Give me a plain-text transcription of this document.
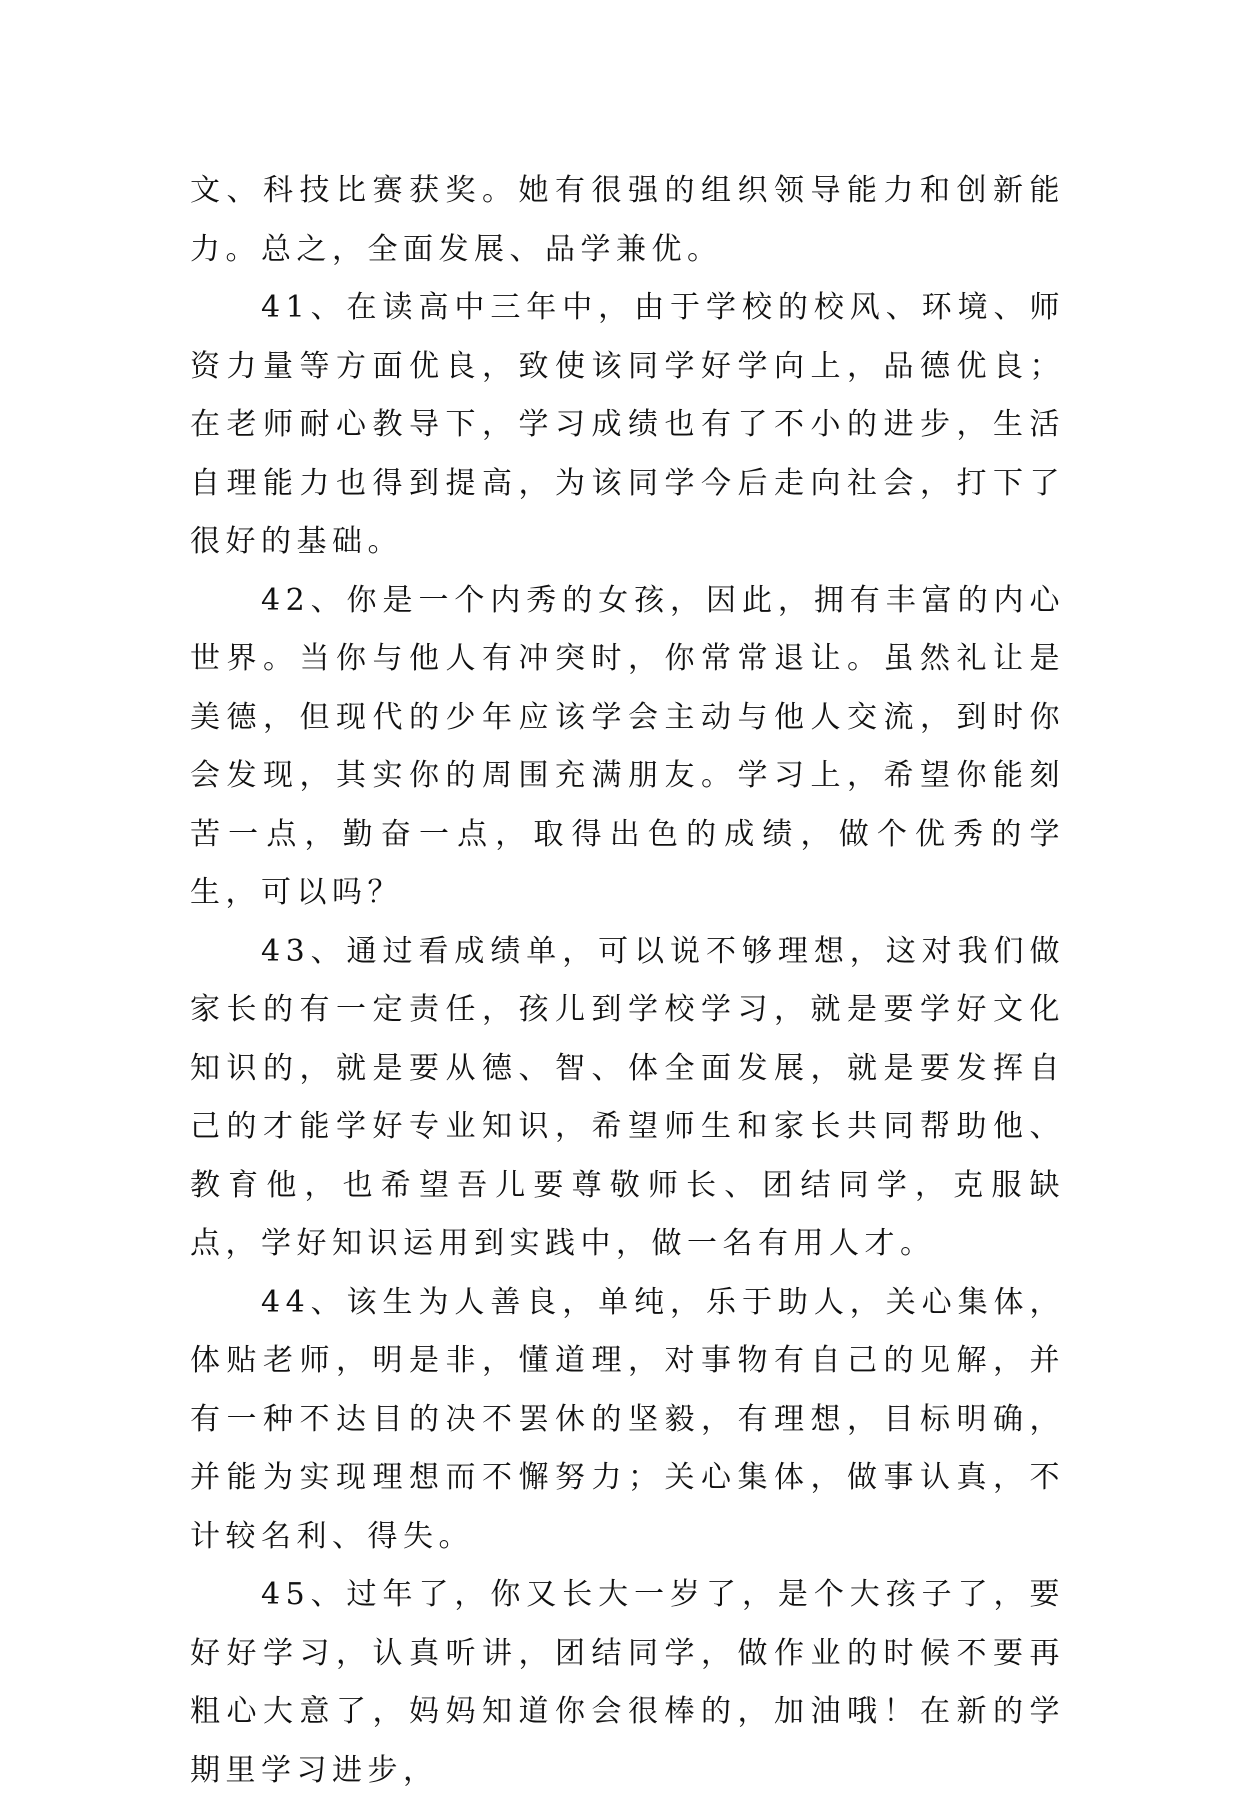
文、科技比赛获奖。她有很强的组织领导能力和创新能力。总之，全面发展、品学兼优。

41、在读高中三年中，由于学校的校风、环境、师资力量等方面优良，致使该同学好学向上，品德优良；在老师耐心教导下，学习成绩也有了不小的进步，生活自理能力也得到提高，为该同学今后走向社会，打下了很好的基础。

42、你是一个内秀的女孩，因此，拥有丰富的内心世界。当你与他人有冲突时，你常常退让。虽然礼让是美德，但现代的少年应该学会主动与他人交流，到时你会发现，其实你的周围充满朋友。学习上，希望你能刻苦一点，勤奋一点，取得出色的成绩，做个优秀的学生，可以吗？

43、通过看成绩单，可以说不够理想，这对我们做家长的有一定责任，孩儿到学校学习，就是要学好文化知识的，就是要从德、智、体全面发展，就是要发挥自己的才能学好专业知识，希望师生和家长共同帮助他、教育他，也希望吾儿要尊敬师长、团结同学，克服缺点，学好知识运用到实践中，做一名有用人才。

44、该生为人善良，单纯，乐于助人，关心集体，体贴老师，明是非，懂道理，对事物有自己的见解，并有一种不达目的决不罢休的坚毅，有理想，目标明确，并能为实现理想而不懈努力；关心集体，做事认真，不计较名利、得失。

45、过年了，你又长大一岁了，是个大孩子了，要好好学习，认真听讲，团结同学，做作业的时候不要再粗心大意了，妈妈知道你会很棒的，加油哦！在新的学期里学习进步，
